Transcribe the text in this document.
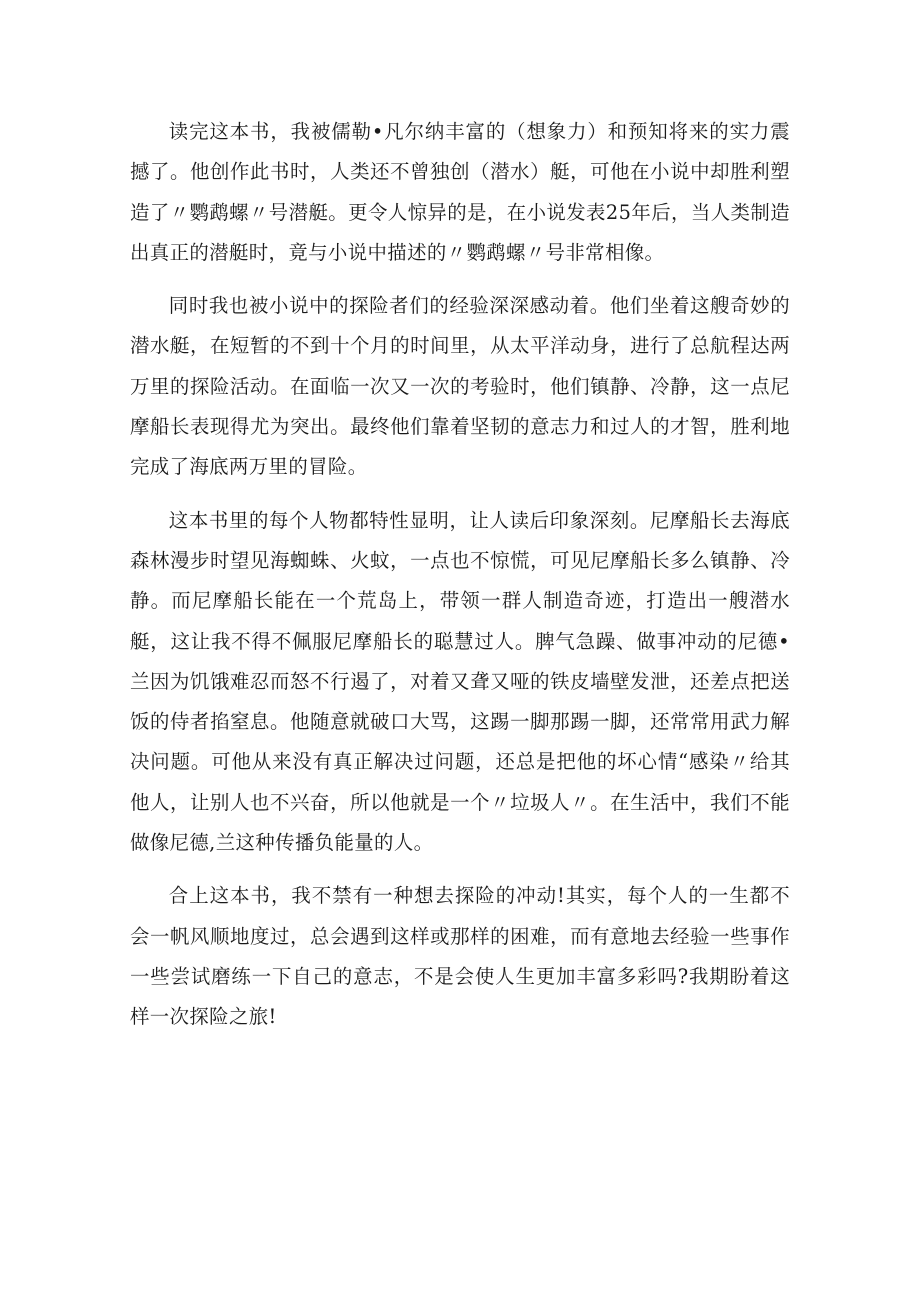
读完这本书，我被儒勒•凡尔纳丰富的（想象力）和预知将来的实力震撼了。他创作此书时，人类还不曾独创（潜水）艇，可他在小说中却胜利塑造了〃鹦鹉螺〃号潜艇。更令人惊异的是，在小说发表25年后，当人类制造出真正的潜艇时，竟与小说中描述的〃鹦鹉螺〃号非常相像。

同时我也被小说中的探险者们的经验深深感动着。他们坐着这艘奇妙的潜水艇，在短暂的不到十个月的时间里，从太平洋动身，进行了总航程达两万里的探险活动。在面临一次又一次的考验时，他们镇静、冷静，这一点尼摩船长表现得尤为突出。最终他们靠着坚韧的意志力和过人的才智，胜利地完成了海底两万里的冒险。

这本书里的每个人物都特性显明，让人读后印象深刻。尼摩船长去海底森林漫步时望见海蜘蛛、火蚊，一点也不惊慌，可见尼摩船长多么镇静、冷静。而尼摩船长能在一个荒岛上，带领一群人制造奇迹，打造出一艘潜水艇，这让我不得不佩服尼摩船长的聪慧过人。脾气急躁、做事冲动的尼德•兰因为饥饿难忍而怒不行遏了，对着又聋又哑的铁皮墙壁发泄，还差点把送饭的侍者掐窒息。他随意就破口大骂，这踢一脚那踢一脚，还常常用武力解决问题。可他从来没有真正解决过问题，还总是把他的坏心情“感染〃给其他人，让别人也不兴奋，所以他就是一个〃垃圾人〃。在生活中，我们不能做像尼德,兰这种传播负能量的人。

合上这本书，我不禁有一种想去探险的冲动!其实，每个人的一生都不会一帆风顺地度过，总会遇到这样或那样的困难，而有意地去经验一些事作一些尝试磨练一下自己的意志，不是会使人生更加丰富多彩吗?我期盼着这样一次探险之旅!
